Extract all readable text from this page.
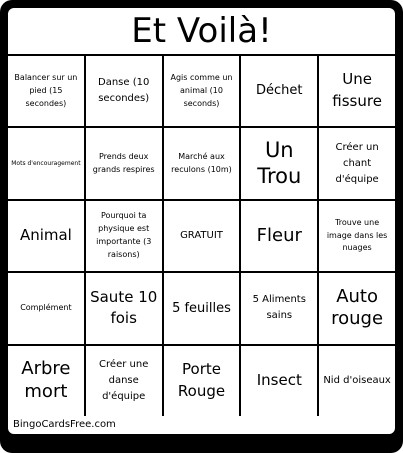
Et Voilà!
Balancer sur un pied (15 secondes)
Danse (10 secondes)
Agis comme un animal (10 seconds)
Déchet
Une fissure
Mots d'encouragement
Prends deux grands respires
Marché aux reculons (10m)
Un Trou
Créer un chant d'équipe
Animal
Pourquoi ta physique est importante (3 raisons)
GRATUIT	Fleur
Trouve une image dans les nuages
Complément
Saute 10 fois
5 feuilles
5 Aliments sains
Auto rouge
Arbre mort
Créer une danse d'équipe
Porte Rouge
Insect	Nid d'oiseaux
BingoCardsFree.com
